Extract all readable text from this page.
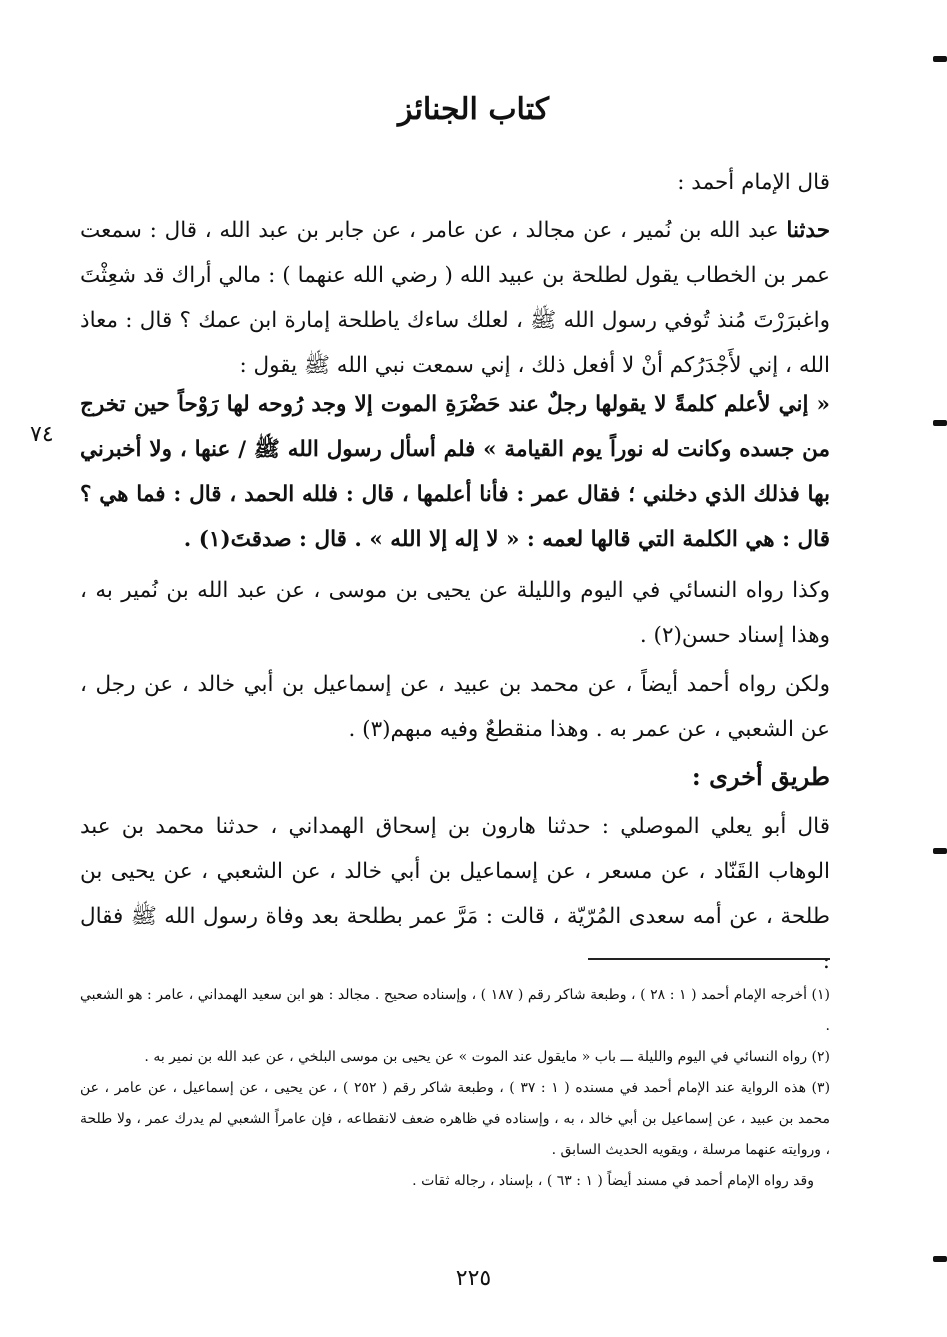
كتاب الجنائز
قال الإمام أحمد :
حدثنا عبد الله بن نُمير ، عن مجالد ، عن عامر ، عن جابر بن عبد الله ، قال : سمعت عمر بن الخطاب يقول لطلحة بن عبيد الله ( رضي الله عنهما ) : مالي أراك قد شعِثْتَ واغبرَرْتَ مُنذ تُوفي رسول الله ﷺ ، لعلك ساءك ياطلحة إمارة ابن عمك ؟ قال : معاذ الله ، إني لأَجْدَرُكم أنْ لا أفعل ذلك ، إني سمعت نبي الله ﷺ يقول :
« إني لأعلم كلمةً لا يقولها رجلٌ عند حَضْرَةِ الموت إلا وجد رُوحه لها رَوْحاً حين تخرج من جسده وكانت له نوراً يوم القيامة » فلم أسأل رسول الله ﷺ / عنها ، ولا أخبرني بها فذلك الذي دخلني ؛ فقال عمر : فأنا أعلمها ، قال : فلله الحمد ، قال : فما هي ؟ قال : هي الكلمة التي قالها لعمه : « لا إله إلا الله » . قال : صدقتَ(١) .
٧٤
وكذا رواه النسائي في اليوم والليلة عن يحيى بن موسى ، عن عبد الله بن نُمير به ، وهذا إسناد حسن(٢) .
ولكن رواه أحمد أيضاً ، عن محمد بن عبيد ، عن إسماعيل بن أبي خالد ، عن رجل ، عن الشعبي ، عن عمر به . وهذا منقطعٌ وفيه مبهم(٣) .
طريق أخرى :
قال أبو يعلي الموصلي : حدثنا هارون بن إسحاق الهمداني ، حدثنا محمد بن عبد الوهاب القَنّاد ، عن مسعر ، عن إسماعيل بن أبي خالد ، عن الشعبي ، عن يحيى بن طلحة ، عن أمه سعدى المُرّيّة ، قالت : مَرَّ عمر بطلحة بعد وفاة رسول الله ﷺ فقال :
(١) أخرجه الإمام أحمد ( ١ : ٢٨ ) ، وطبعة شاكر رقم ( ١٨٧ ) ، وإسناده صحيح . مجالد : هو ابن سعيد الهمداني ، عامر : هو الشعبي .
(٢) رواه النسائي في اليوم والليلة ـــ باب « مايقول عند الموت » عن يحيى بن موسى البلخي ، عن عبد الله بن نمير به .
(٣) هذه الرواية عند الإمام أحمد في مسنده ( ١ : ٣٧ ) ، وطبعة شاكر رقم ( ٢٥٢ ) ، عن يحيى ، عن إسماعيل ، عن عامر ، عن محمد بن عبيد ، عن إسماعيل بن أبي خالد ، به ، وإسناده في ظاهره ضعف لانقطاعه ، فإن عامراً الشعبي لم يدرك عمر ، ولا طلحة ، وروايته عنهما مرسلة ، ويقويه الحديث السابق .
وقد رواه الإمام أحمد في مسند أيضاً ( ١ : ٦٣ ) ، بإسناد ، رجاله ثقات .
٢٢٥
